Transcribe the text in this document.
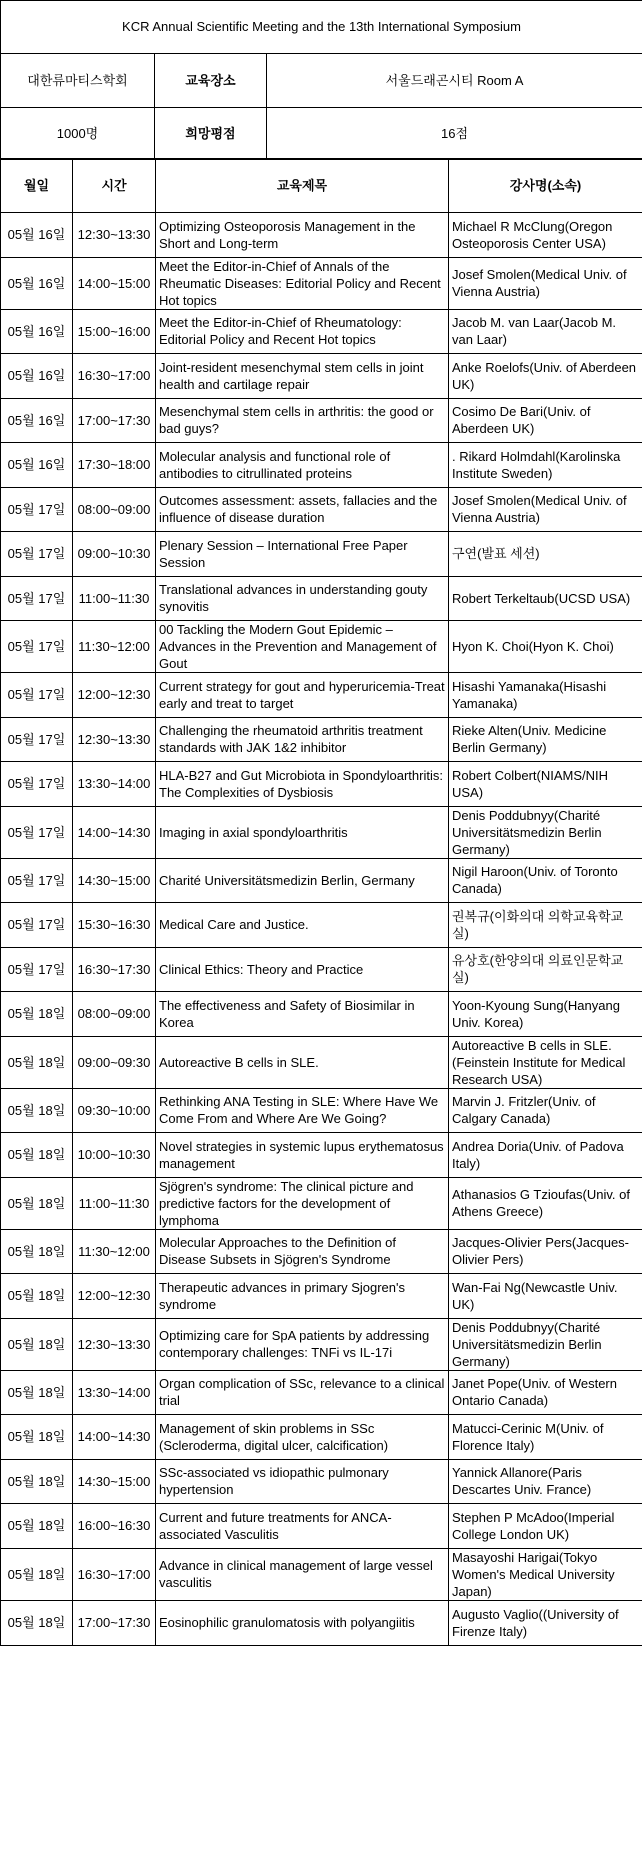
KCR Annual Scientific Meeting and the 13th International Symposium		
대한류마티스학회	교육장소	서울드래곤시티 Room A
1000명	희망평점	16점
월일	시간	교육제목	강사명(소속)
05월 16일	12:30~13:30	Optimizing Osteoporosis Management in the Short and Long-term	Michael R McClung(Oregon Osteoporosis Center USA)
05월 16일	14:00~15:00	Meet the Editor-in-Chief of Annals of the Rheumatic Diseases: Editorial Policy and Recent Hot topics	Josef Smolen(Medical Univ. of Vienna Austria)
05월 16일	15:00~16:00	Meet the Editor-in-Chief of Rheumatology: Editorial Policy and Recent Hot topics	Jacob M. van Laar(Jacob M. van Laar)
05월 16일	16:30~17:00	Joint-resident mesenchymal stem cells in joint health and cartilage repair	Anke Roelofs(Univ. of Aberdeen UK)
05월 16일	17:00~17:30	Mesenchymal stem cells in arthritis: the good or bad guys?	Cosimo De Bari(Univ. of Aberdeen UK)
05월 16일	17:30~18:00	Molecular analysis and functional role of antibodies to citrullinated proteins	. Rikard Holmdahl(Karolinska Institute Sweden)
05월 17일	08:00~09:00	Outcomes assessment: assets, fallacies and the influence of disease duration	Josef Smolen(Medical Univ. of Vienna Austria)
05월 17일	09:00~10:30	Plenary Session – International Free Paper Session	구연(발표 세션)
05월 17일	11:00~11:30	Translational advances in understanding gouty synovitis	Robert Terkeltaub(UCSD USA)
05월 17일	11:30~12:00	00 Tackling the Modern Gout Epidemic – Advances in the Prevention and Management of Gout	Hyon K. Choi(Hyon K. Choi)
05월 17일	12:00~12:30	Current strategy for gout and hyperuricemia-Treat early and treat to target	Hisashi Yamanaka(Hisashi Yamanaka)
05월 17일	12:30~13:30	Challenging the rheumatoid arthritis treatment standards with JAK 1&2 inhibitor	Rieke Alten(Univ. Medicine Berlin Germany)
05월 17일	13:30~14:00	HLA-B27 and Gut Microbiota in Spondyloarthritis: The Complexities of Dysbiosis	Robert Colbert(NIAMS/NIH USA)
05월 17일	14:00~14:30	Imaging in axial spondyloarthritis	Denis Poddubnyy(Charité Universitätsmedizin Berlin Germany)
05월 17일	14:30~15:00	Charité Universitätsmedizin Berlin, Germany	Nigil Haroon(Univ. of Toronto Canada)
05월 17일	15:30~16:30	Medical Care and Justice.	권복규(이화의대 의학교육학교실)
05월 17일	16:30~17:30	Clinical Ethics: Theory and Practice	유상호(한양의대 의료인문학교실)
05월 18일	08:00~09:00	The effectiveness and Safety of Biosimilar in Korea	Yoon-Kyoung Sung(Hanyang Univ. Korea)
05월 18일	09:00~09:30	Autoreactive B cells in SLE.	Autoreactive B cells in SLE.(Feinstein Institute for Medical Research USA)
05월 18일	09:30~10:00	Rethinking ANA Testing in SLE: Where Have We Come From and Where Are We Going?	Marvin J. Fritzler(Univ. of Calgary Canada)
05월 18일	10:00~10:30	Novel strategies in systemic lupus erythematosus management	Andrea Doria(Univ. of Padova Italy)
05월 18일	11:00~11:30	Sjögren's syndrome: The clinical picture and predictive factors for the development of lymphoma	Athanasios G Tzioufas(Univ. of Athens Greece)
05월 18일	11:30~12:00	Molecular Approaches to the Definition of Disease Subsets in Sjögren's Syndrome	Jacques-Olivier Pers(Jacques-Olivier Pers)
05월 18일	12:00~12:30	Therapeutic advances in primary Sjogren's syndrome	Wan-Fai Ng(Newcastle Univ. UK)
05월 18일	12:30~13:30	Optimizing care for SpA patients by addressing contemporary challenges: TNFi vs IL-17i	Denis Poddubnyy(Charité Universitätsmedizin Berlin Germany)
05월 18일	13:30~14:00	Organ complication of SSc, relevance to a clinical trial	Janet Pope(Univ. of Western Ontario Canada)
05월 18일	14:00~14:30	Management of skin problems in SSc (Scleroderma, digital ulcer, calcification)	Matucci-Cerinic M(Univ. of Florence Italy)
05월 18일	14:30~15:00	SSc-associated vs idiopathic pulmonary hypertension	Yannick Allanore(Paris Descartes Univ. France)
05월 18일	16:00~16:30	Current and future treatments for ANCA-associated Vasculitis	Stephen P McAdoo(Imperial College London UK)
05월 18일	16:30~17:00	Advance in clinical management of large vessel vasculitis	Masayoshi Harigai(Tokyo Women's Medical University Japan)
05월 18일	17:00~17:30	Eosinophilic granulomatosis with polyangiitis	Augusto Vaglio((University of Firenze Italy)
